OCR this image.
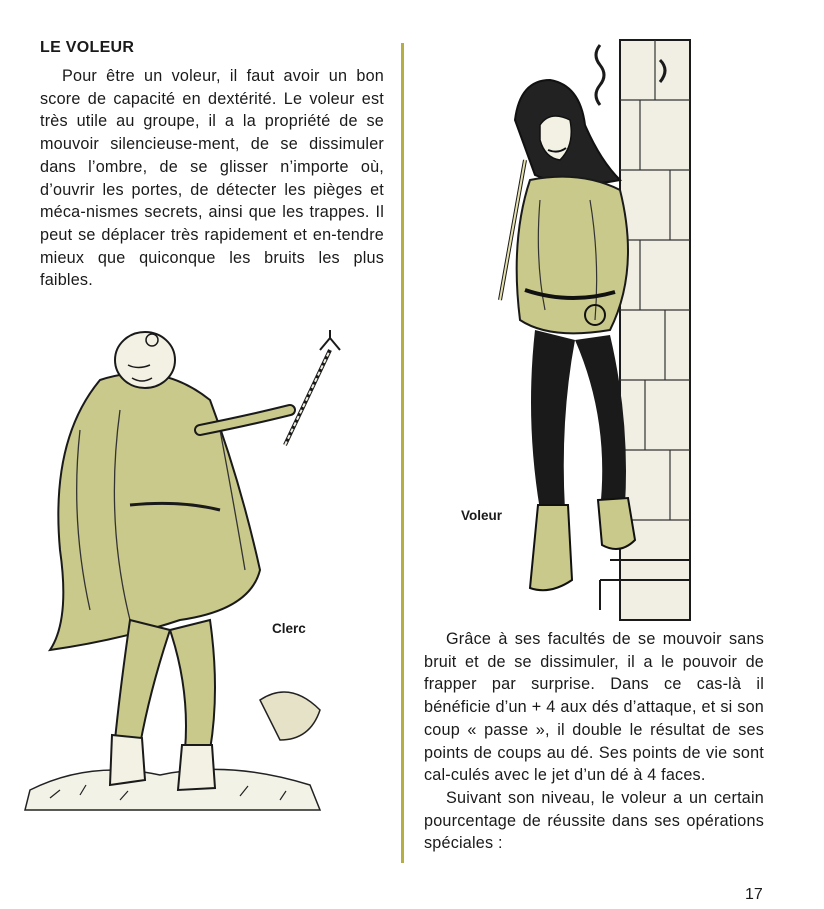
LE VOLEUR

Pour être un voleur, il faut avoir un bon score de capacité en dextérité. Le voleur est très utile au groupe, il a la propriété de se mouvoir silencieuse-ment, de se dissimuler dans l’ombre, de se glisser n’importe où, d’ouvrir les portes, de détecter les pièges et méca-nismes secrets, ainsi que les trappes. Il peut se déplacer très rapidement et en-tendre mieux que quiconque les bruits les plus faibles.

Clerc
Voleur

Grâce à ses facultés de se mouvoir sans bruit et de se dissimuler, il a le pouvoir de frapper par surprise. Dans ce cas-là il bénéficie d’un + 4 aux dés d’attaque, et si son coup « passe », il double le résultat de ses points de coups au dé. Ses points de vie sont cal-culés avec le jet d’un dé à 4 faces.

Suivant son niveau, le voleur a un certain pourcentage de réussite dans ses opérations spéciales :

17
